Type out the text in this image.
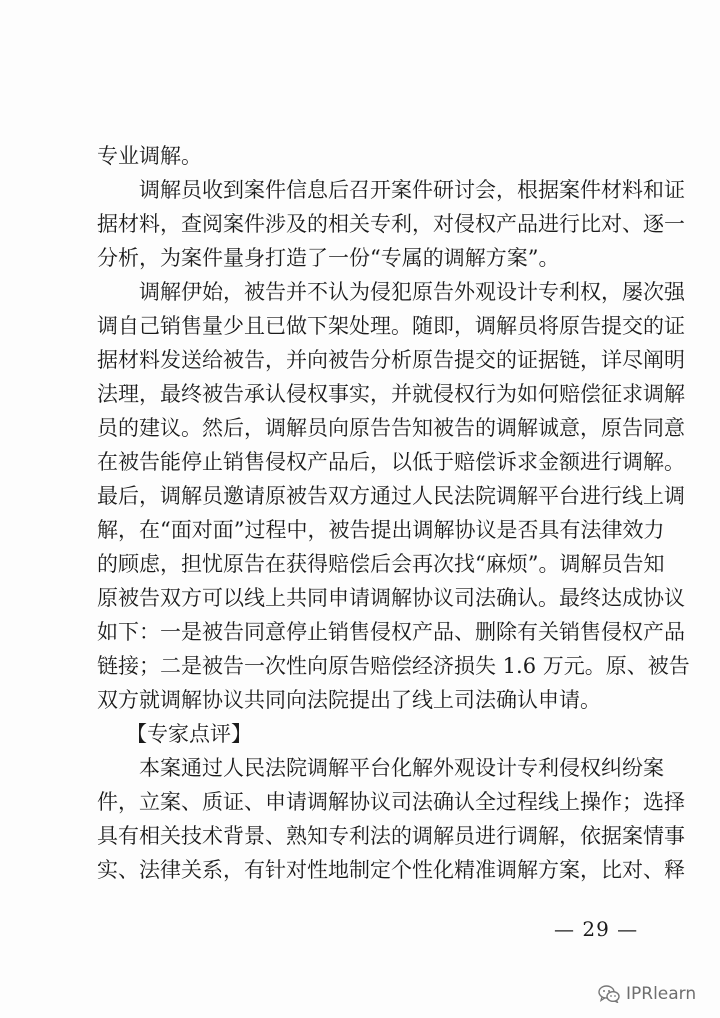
专业调解。
调解员收到案件信息后召开案件研讨会，根据案件材料和证
据材料，查阅案件涉及的相关专利，对侵权产品进行比对、逐一
分析，为案件量身打造了一份“专属的调解方案”。
调解伊始，被告并不认为侵犯原告外观设计专利权，屡次强
调自己销售量少且已做下架处理。随即，调解员将原告提交的证
据材料发送给被告，并向被告分析原告提交的证据链，详尽阐明
法理，最终被告承认侵权事实，并就侵权行为如何赔偿征求调解
员的建议。然后，调解员向原告告知被告的调解诚意，原告同意
在被告能停止销售侵权产品后，以低于赔偿诉求金额进行调解。
最后，调解员邀请原被告双方通过人民法院调解平台进行线上调
解，在“面对面”过程中，被告提出调解协议是否具有法律效力
的顾虑，担忧原告在获得赔偿后会再次找“麻烦”。调解员告知
原被告双方可以线上共同申请调解协议司法确认。最终达成协议
如下：一是被告同意停止销售侵权产品、删除有关销售侵权产品
链接；二是被告一次性向原告赔偿经济损失 1.6 万元。原、被告
双方就调解协议共同向法院提出了线上司法确认申请。
【专家点评】
本案通过人民法院调解平台化解外观设计专利侵权纠纷案
件，立案、质证、申请调解协议司法确认全过程线上操作；选择
具有相关技术背景、熟知专利法的调解员进行调解，依据案情事
实、法律关系，有针对性地制定个性化精准调解方案，比对、释
— 29 —
IPRlearn
